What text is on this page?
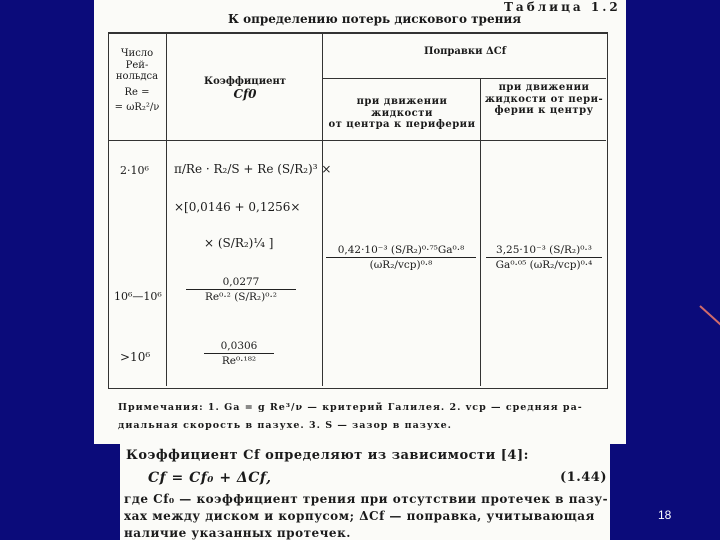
18
Таблица 1.2
К определению потерь дискового трения
Число
Рей-
нольдса
Re =
= ωR₂²/ν
Коэффициент
Cf0
Поправки ΔCf
при движении жидкости
от центра к периферии
при движении
жидкости от пери-
ферии к центру
2·10⁶ π/Re · R₂/S + Re (S/R₂)³ ×
×[0,0146 + 0,1256×
× (S/R₂)¼ ]	0,42·10⁻³ (S/R₂)⁰·⁷⁵Ga⁰·⁸
(ωR₂/vср)⁰·⁸
3,25·10⁻³ (S/R₂)⁰·³
Ga⁰·⁰⁵ (ωR₂/vср)⁰·⁴
10⁶—10⁶
0,0277
Re⁰·² (S/R₂)⁰·²
>10⁶
0,0306
Re⁰·¹⁸²
Примечания: 1. Ga = g Re³/ν — критерий Галилея. 2. vср — средняя ра-
диальная скорость в пазухе. 3. S — зазор в пазухе.
Коэффициент Cf определяют из зависимости [4]:
Cf = Cf₀ + ΔCf,	(1.44)
где Cf₀ — коэффициент трения при отсутствии протечек в пазу-
хах между диском и корпусом; ΔCf — поправка, учитывающая
наличие указанных протечек.
